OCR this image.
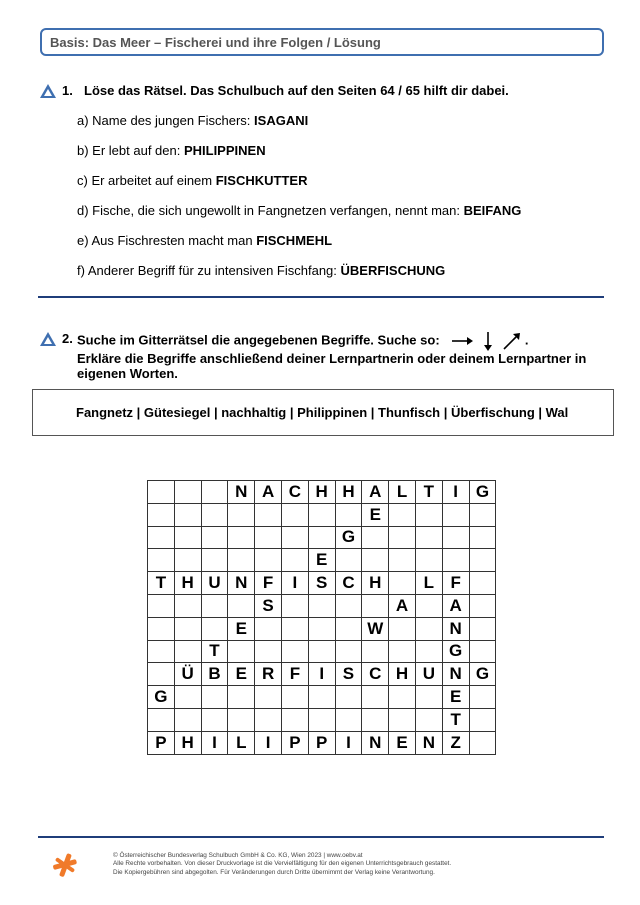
Basis: Das Meer – Fischerei und ihre Folgen / Lösung
1. Löse das Rätsel. Das Schulbuch auf den Seiten 64 / 65 hilft dir dabei.
a) Name des jungen Fischers: ISAGANI
b) Er lebt auf den: PHILIPPINEN
c) Er arbeitet auf einem FISCHKUTTER
d) Fische, die sich ungewollt in Fangnetzen verfangen, nennt man: BEIFANG
e) Aus Fischresten macht man FISCHMEHL
f) Anderer Begriff für zu intensiven Fischfang: ÜBERFISCHUNG
2. Suche im Gitterrätsel die angegebenen Begriffe. Suche so:	.
Erkläre die Begriffe anschließend deiner Lernpartnerin oder deinem Lernpartner in
eigenen Worten.
Fangnetz | Gütesiegel | nachhaltig | Philippinen | Thunfisch | Überfischung | Wal
			N	A	C	H	H	A	L	T	I	G
								E				
							G					
						E						
T	H	U	N	F	I	S	C	H		L	F	
				S					A		A	
			E					W			N	
		T									G	
	Ü	B	E	R	F	I	S	C	H	U	N	G
G											E	
											T	
P	H	I	L	I	P	P	I	N	E	N	Z	
© Österreichischer Bundesverlag Schulbuch GmbH & Co. KG, Wien 2023 | www.oebv.at
Alle Rechte vorbehalten. Von dieser Druckvorlage ist die Vervielfältigung für den eigenen Unterrichtsgebrauch gestattet.
Die Kopiergebühren sind abgegolten. Für Veränderungen durch Dritte übernimmt der Verlag keine Verantwortung.
